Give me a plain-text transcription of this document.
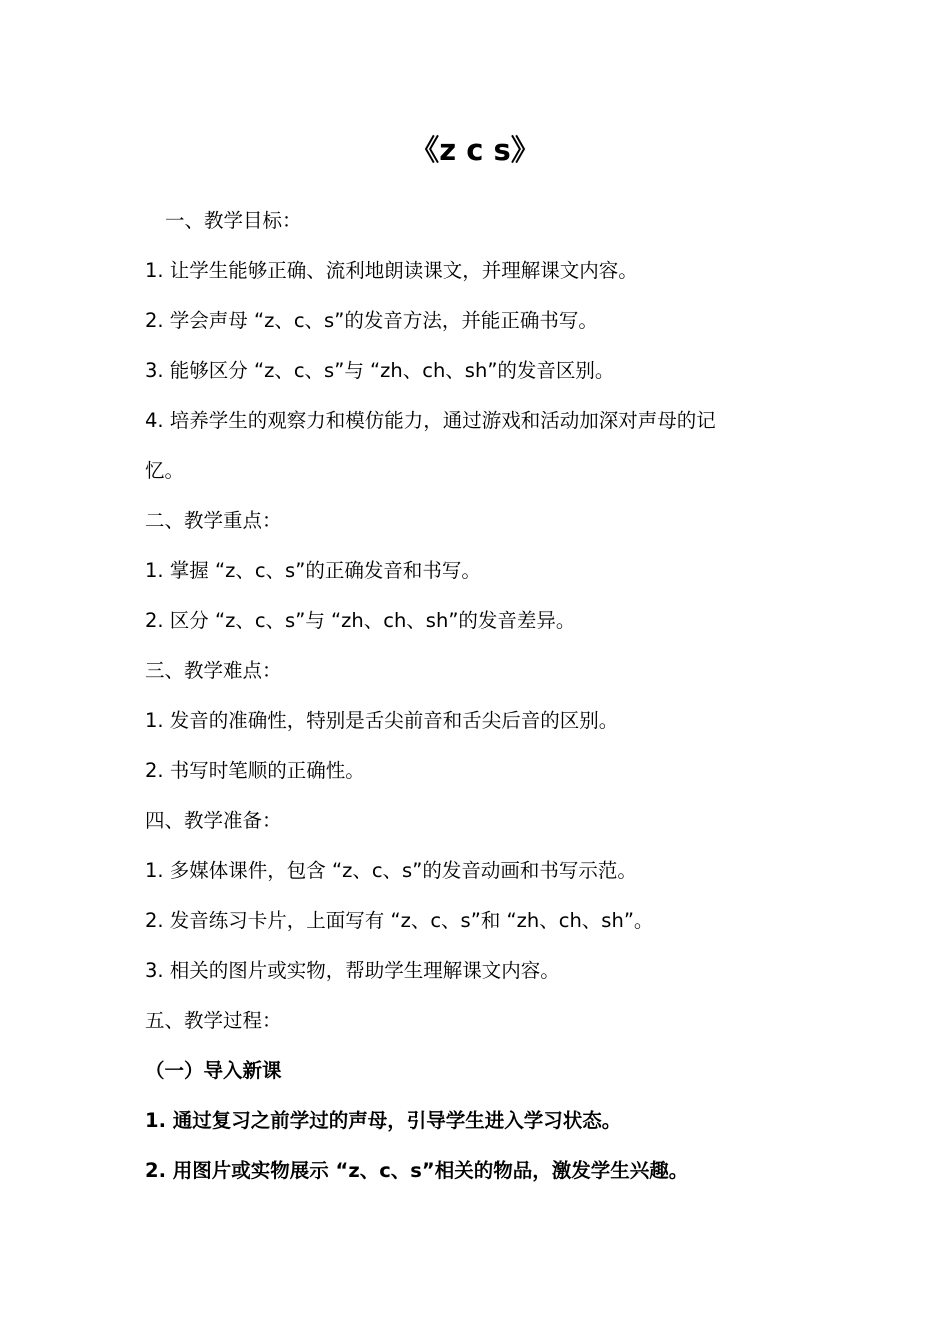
《z c s》
一、教学目标：
1. 让学生能够正确、流利地朗读课文，并理解课文内容。
2. 学会声母 “z、c、s”的发音方法，并能正确书写。
3. 能够区分 “z、c、s”与 “zh、ch、sh”的发音区别。
4. 培养学生的观察力和模仿能力，通过游戏和活动加深对声母的记
忆。
二、教学重点：
1. 掌握 “z、c、s”的正确发音和书写。
2. 区分 “z、c、s”与 “zh、ch、sh”的发音差异。
三、教学难点：
1. 发音的准确性，特别是舌尖前音和舌尖后音的区别。
2. 书写时笔顺的正确性。
四、教学准备：
1. 多媒体课件，包含 “z、c、s”的发音动画和书写示范。
2. 发音练习卡片，上面写有 “z、c、s”和 “zh、ch、sh”。
3. 相关的图片或实物，帮助学生理解课文内容。
五、教学过程：
（一）导入新课
1. 通过复习之前学过的声母，引导学生进入学习状态。
2. 用图片或实物展示 “z、c、s”相关的物品，激发学生兴趣。
